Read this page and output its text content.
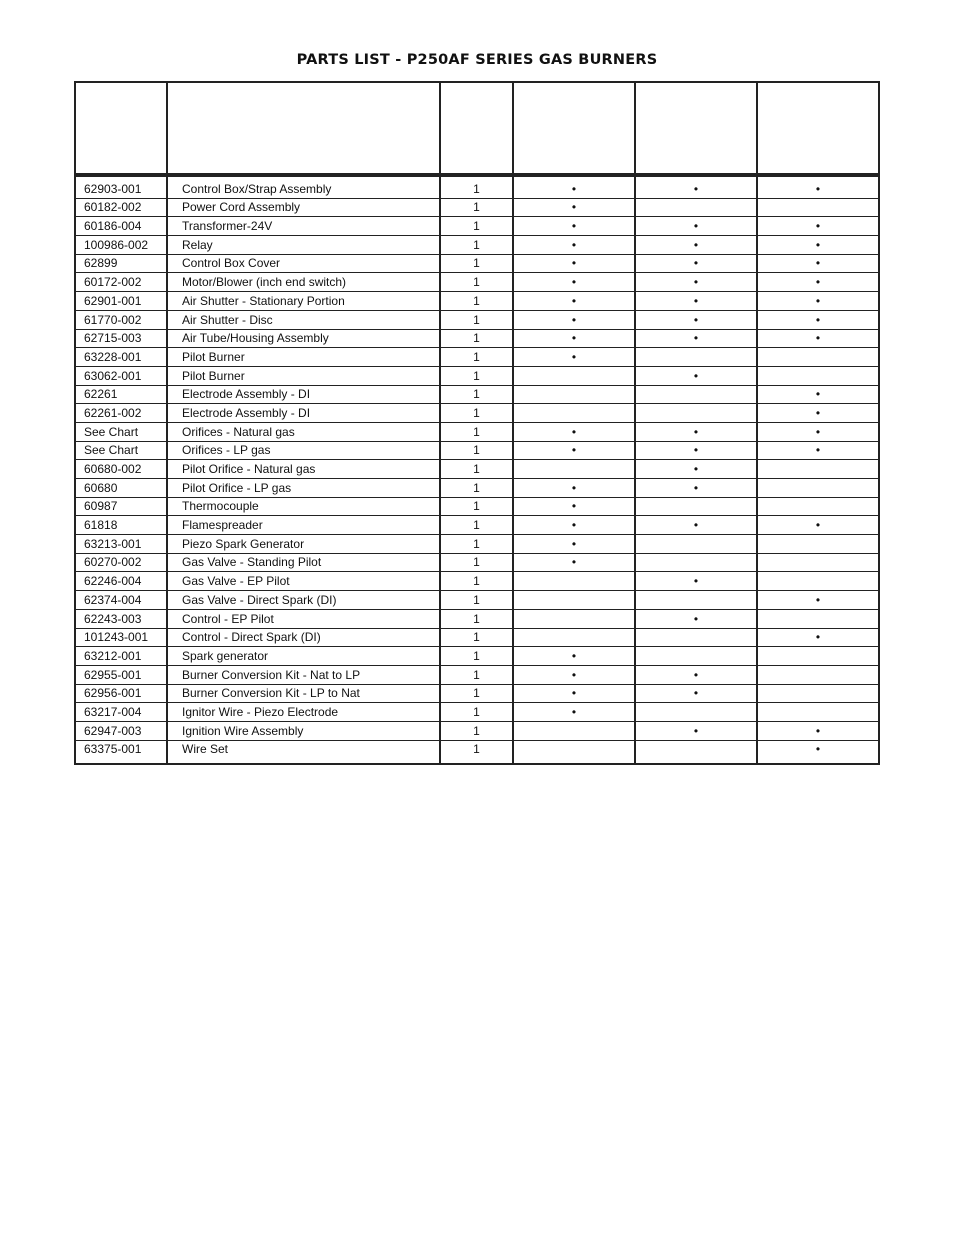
PARTS LIST - P250AF SERIES GAS BURNERS

62903-001	Control Box/Strap Assembly	1	•	•	•
60182-002	Power Cord Assembly	1	•		
60186-004	Transformer-24V	1	•	•	•
100986-002	Relay	1	•	•	•
62899	Control Box Cover	1	•	•	•
60172-002	Motor/Blower (inch end switch)	1	•	•	•
62901-001	Air Shutter - Stationary Portion	1	•	•	•
61770-002	Air Shutter - Disc	1	•	•	•
62715-003	Air Tube/Housing Assembly	1	•	•	•
63228-001	Pilot Burner	1	•		
63062-001	Pilot Burner	1		•	
62261	Electrode Assembly - DI	1			•
62261-002	Electrode Assembly - DI	1			•
See Chart	Orifices - Natural gas	1	•	•	•
See Chart	Orifices - LP gas	1	•	•	•
60680-002	Pilot Orifice - Natural gas	1		•	
60680	Pilot Orifice - LP gas	1	•	•	
60987	Thermocouple	1	•		
61818	Flamespreader	1	•	•	•
63213-001	Piezo Spark Generator	1	•		
60270-002	Gas Valve - Standing Pilot	1	•		
62246-004	Gas Valve - EP Pilot	1		•	
62374-004	Gas Valve - Direct Spark (DI)	1			•
62243-003	Control - EP Pilot	1		•	
101243-001	Control - Direct Spark (DI)	1			•
63212-001	Spark generator	1	•		
62955-001	Burner Conversion Kit - Nat to LP	1	•	•	
62956-001	Burner Conversion Kit - LP to Nat	1	•	•	
63217-004	Ignitor Wire - Piezo Electrode	1	•		
62947-003	Ignition Wire Assembly	1		•	•
63375-001	Wire Set	1			•
